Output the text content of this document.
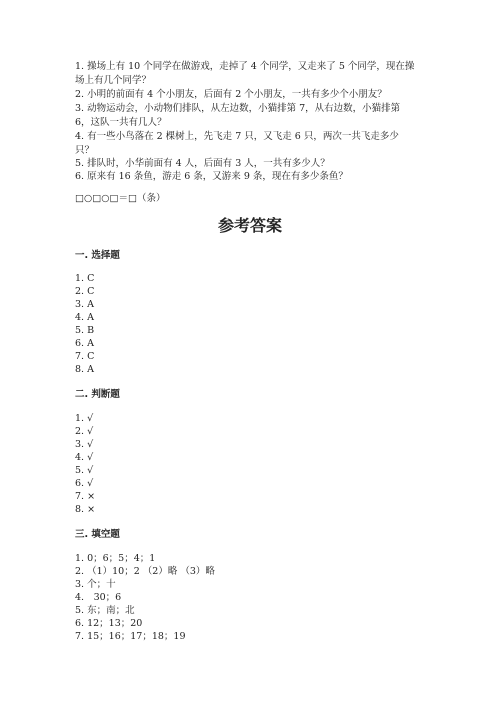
1. 操场上有 10 个同学在做游戏，走掉了 4 个同学，又走来了 5 个同学，现在操
场上有几个同学？
2. 小明的前面有 4 个小朋友，后面有 2 个小朋友，一共有多少个小朋友？
3. 动物运动会，小动物们排队，从左边数，小猫排第 7，从右边数，小猫排第
6，这队一共有几人？
4. 有一些小鸟落在 2 棵树上，先飞走 7 只，又飞走 6 只，两次一共飞走多少
只？
5. 排队时，小华前面有 4 人，后面有 3 人，一共有多少人？
6. 原来有 16 条鱼，游走 6 条，又游来 9 条，现在有多少条鱼？
□○□○□＝□（条）
参考答案
一. 选择题
1. C
2. C
3. A
4. A
5. B
6. A
7. C
8. A
二. 判断题
1. √
2. √
3. √
4. √
5. √
6. √
7. ×
8. ×
三. 填空题
1. 0；6；5；4；1
2. （1）10；2 （2）略 （3）略
3. 个；十
4.　30；6
5. 东；南；北
6. 12；13；20
7. 15；16；17；18；19
